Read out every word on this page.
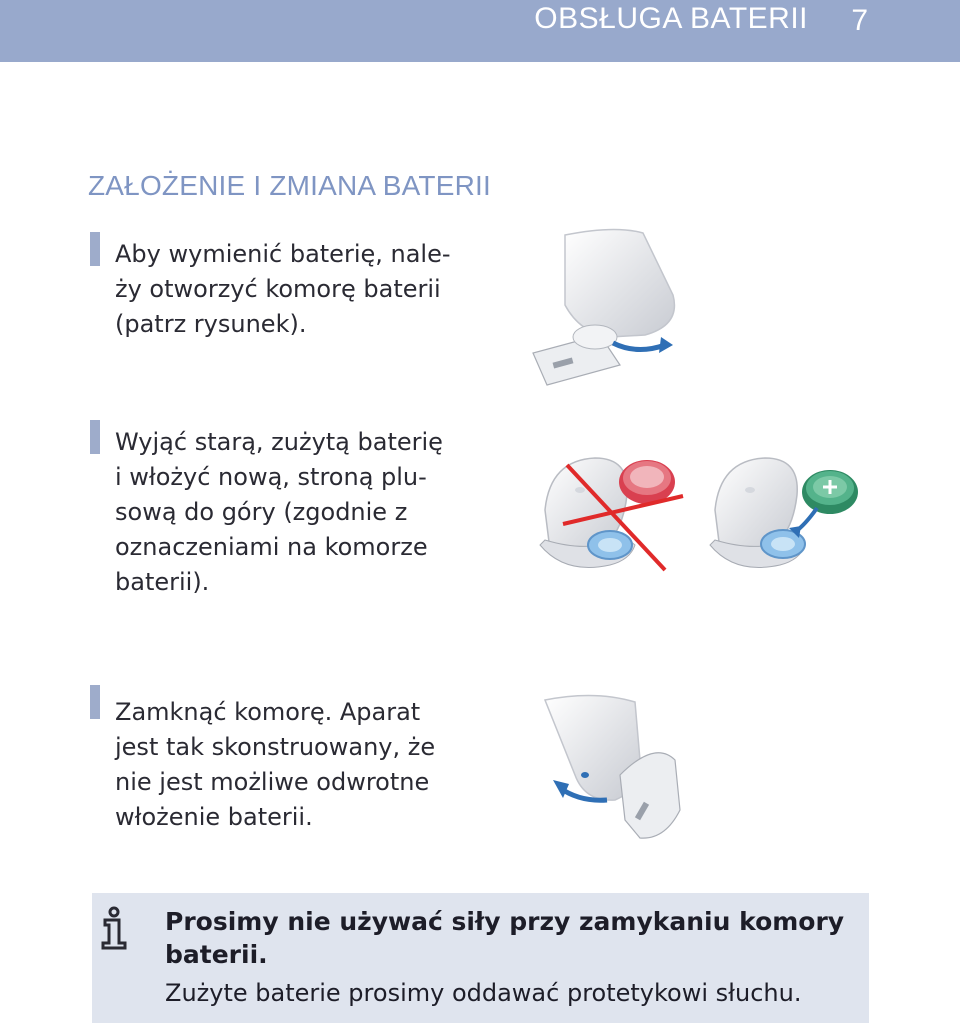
OBSŁUGA BATERII 7
ZAŁOŻENIE I ZMIANA BATERII
Aby wymienić baterię, nale-
ży otworzyć komorę baterii
(patrz rysunek).
Wyjąć starą, zużytą baterię
i włożyć nową, stroną plu-
sową do góry (zgodnie z
oznaczeniami na komorze
baterii).
Zamknąć komorę. Aparat
jest tak skonstruowany, że
nie jest możliwe odwrotne
włożenie baterii.
Prosimy nie używać siły przy zamykaniu komory
baterii.
Zużyte baterie prosimy oddawać protetykowi słuchu.
